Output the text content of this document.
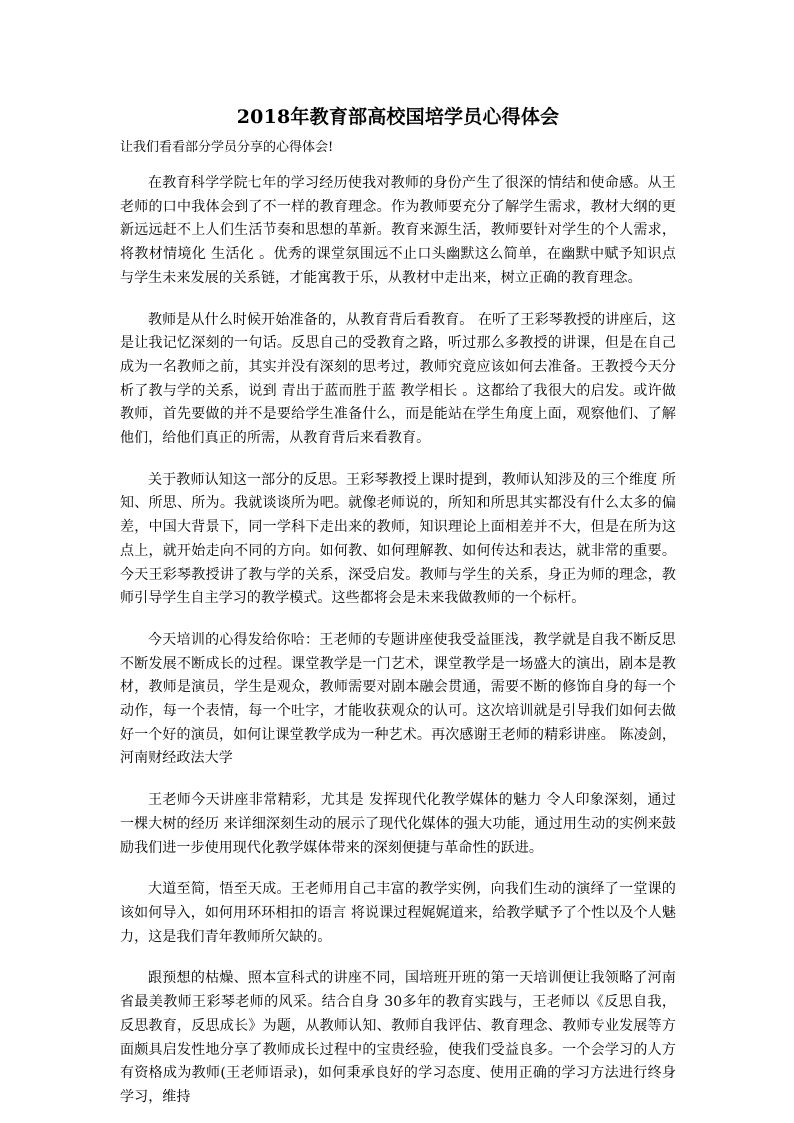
2018年教育部高校国培学员心得体会

让我们看看部分学员分享的心得体会!

在教育科学学院七年的学习经历使我对教师的身份产生了很深的情结和使命感。从王老师的口中我体会到了不一样的教育理念。作为教师要充分了解学生需求，教材大纲的更新远远赶不上人们生活节奏和思想的革新。教育来源生活，教师要针对学生的个人需求，将教材情境化 生活化 。优秀的课堂氛围远不止口头幽默这么简单，在幽默中赋予知识点与学生未来发展的关系链，才能寓教于乐，从教材中走出来，树立正确的教育理念。

教师是从什么时候开始准备的，从教育背后看教育。 在听了王彩琴教授的讲座后，这是让我记忆深刻的一句话。反思自己的受教育之路，听过那么多教授的讲课，但是在自己成为一名教师之前，其实并没有深刻的思考过，教师究竟应该如何去准备。王教授今天分析了教与学的关系，说到 青出于蓝而胜于蓝 教学相长 。这都给了我很大的启发。或许做教师，首先要做的并不是要给学生准备什么，而是能站在学生角度上面，观察他们、了解他们，给他们真正的所需，从教育背后来看教育。

关于教师认知这一部分的反思。王彩琴教授上课时提到，教师认知涉及的三个维度 所知、所思、所为。我就谈谈所为吧。就像老师说的，所知和所思其实都没有什么太多的偏差，中国大背景下，同一学科下走出来的教师，知识理论上面相差并不大，但是在所为这点上，就开始走向不同的方向。如何教、如何理解教、如何传达和表达，就非常的重要。今天王彩琴教授讲了教与学的关系，深受启发。教师与学生的关系，身正为师的理念，教师引导学生自主学习的教学模式。这些都将会是未来我做教师的一个标杆。

今天培训的心得发给你哈：王老师的专题讲座使我受益匪浅，教学就是自我不断反思不断发展不断成长的过程。课堂教学是一门艺术，课堂教学是一场盛大的演出，剧本是教材，教师是演员，学生是观众，教师需要对剧本融会贯通，需要不断的修饰自身的每一个动作，每一个表情，每一个吐字，才能收获观众的认可。这次培训就是引导我们如何去做好一个好的演员，如何让课堂教学成为一种艺术。再次感谢王老师的精彩讲座。 陈凌剑，河南财经政法大学

王老师今天讲座非常精彩，尤其是 发挥现代化教学媒体的魅力 令人印象深刻，通过 一棵大树的经历 来详细深刻生动的展示了现代化媒体的强大功能，通过用生动的实例来鼓励我们进一步使用现代化教学媒体带来的深刻便捷与革命性的跃进。

大道至简，悟至天成。王老师用自己丰富的教学实例，向我们生动的演绎了一堂课的该如何导入，如何用环环相扣的语言 将说课过程娓娓道来，给教学赋予了个性以及个人魅力，这是我们青年教师所欠缺的。

跟预想的枯燥、照本宣科式的讲座不同，国培班开班的第一天培训便让我领略了河南省最美教师王彩琴老师的风采。结合自身 30多年的教育实践与，王老师以《反思自我，反思教育，反思成长》为题，从教师认知、教师自我评估、教育理念、教师专业发展等方面颇具启发性地分享了教师成长过程中的宝贵经验，使我们受益良多。一个会学习的人方有资格成为教师(王老师语录)，如何秉承良好的学习态度、使用正确的学习方法进行终身学习，维持
